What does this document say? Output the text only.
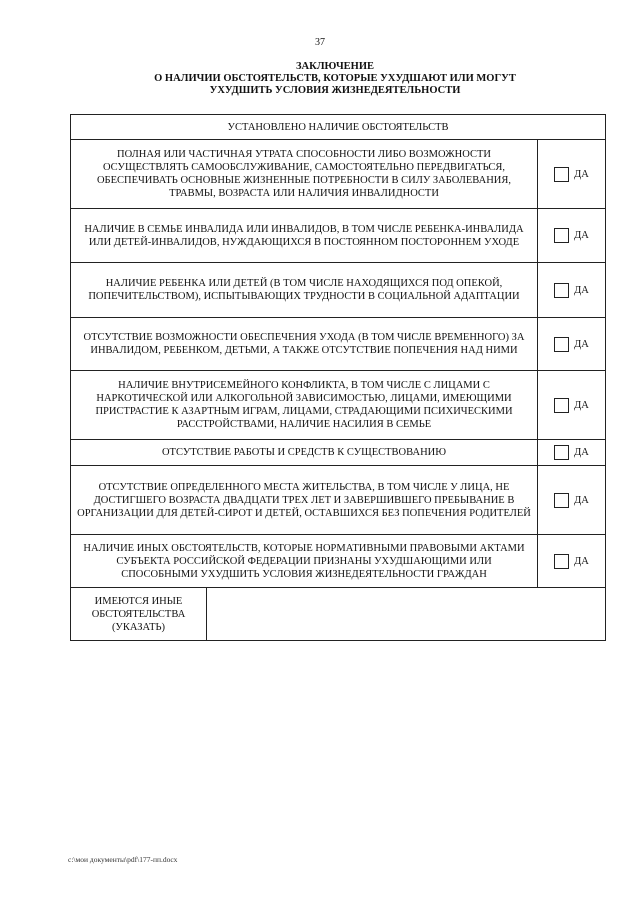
37
ЗАКЛЮЧЕНИЕ
О НАЛИЧИИ ОБСТОЯТЕЛЬСТВ, КОТОРЫЕ УХУДШАЮТ ИЛИ МОГУТ
УХУДШИТЬ УСЛОВИЯ ЖИЗНЕДЕЯТЕЛЬНОСТИ
УСТАНОВЛЕНО НАЛИЧИЕ ОБСТОЯТЕЛЬСТВ		
ПОЛНАЯ ИЛИ ЧАСТИЧНАЯ УТРАТА СПОСОБНОСТИ ЛИБО ВОЗМОЖНОСТИ ОСУЩЕСТВЛЯТЬ САМООБСЛУЖИВАНИЕ, САМОСТОЯТЕЛЬНО ПЕРЕДВИГАТЬСЯ, ОБЕСПЕЧИВАТЬ ОСНОВНЫЕ ЖИЗНЕННЫЕ ПОТРЕБНОСТИ В СИЛУ ЗАБОЛЕВАНИЯ, ТРАВМЫ, ВОЗРАСТА ИЛИ НАЛИЧИЯ ИНВАЛИДНОСТИ		ДА

НАЛИЧИЕ В СЕМЬЕ ИНВАЛИДА ИЛИ ИНВАЛИДОВ, В ТОМ ЧИСЛЕ РЕБЕНКА-ИНВАЛИДА ИЛИ ДЕТЕЙ-ИНВАЛИДОВ, НУЖДАЮЩИХСЯ В ПОСТОЯННОМ ПОСТОРОННЕМ УХОДЕ		ДА

НАЛИЧИЕ РЕБЕНКА ИЛИ ДЕТЕЙ (В ТОМ ЧИСЛЕ НАХОДЯЩИХСЯ ПОД ОПЕКОЙ, ПОПЕЧИТЕЛЬСТВОМ), ИСПЫТЫВАЮЩИХ ТРУДНОСТИ В СОЦИАЛЬНОЙ АДАПТАЦИИ		ДА

ОТСУТСТВИЕ ВОЗМОЖНОСТИ ОБЕСПЕЧЕНИЯ УХОДА (В ТОМ ЧИСЛЕ ВРЕМЕННОГО) ЗА ИНВАЛИДОМ, РЕБЕНКОМ, ДЕТЬМИ, А ТАКЖЕ ОТСУТСТВИЕ ПОПЕЧЕНИЯ НАД НИМИ		ДА

НАЛИЧИЕ ВНУТРИСЕМЕЙНОГО КОНФЛИКТА, В ТОМ ЧИСЛЕ С ЛИЦАМИ С НАРКОТИЧЕСКОЙ ИЛИ АЛКОГОЛЬНОЙ ЗАВИСИМОСТЬЮ, ЛИЦАМИ, ИМЕЮЩИМИ ПРИСТРАСТИЕ К АЗАРТНЫМ ИГРАМ, ЛИЦАМИ, СТРАДАЮЩИМИ ПСИХИЧЕСКИМИ РАССТРОЙСТВАМИ, НАЛИЧИЕ НАСИЛИЯ В СЕМЬЕ		ДА

ОТСУТСТВИЕ РАБОТЫ И СРЕДСТВ К СУЩЕСТВОВАНИЮ		ДА

ОТСУТСТВИЕ ОПРЕДЕЛЕННОГО МЕСТА ЖИТЕЛЬСТВА, В ТОМ ЧИСЛЕ У ЛИЦА, НЕ ДОСТИГШЕГО ВОЗРАСТА ДВАДЦАТИ ТРЕХ ЛЕТ И ЗАВЕРШИВШЕГО ПРЕБЫВАНИЕ В ОРГАНИЗАЦИИ ДЛЯ ДЕТЕЙ-СИРОТ И ДЕТЕЙ, ОСТАВШИХСЯ БЕЗ ПОПЕЧЕНИЯ РОДИТЕЛЕЙ		ДА

НАЛИЧИЕ ИНЫХ ОБСТОЯТЕЛЬСТВ, КОТОРЫЕ НОРМАТИВНЫМИ ПРАВОВЫМИ АКТАМИ СУБЪЕКТА РОССИЙСКОЙ ФЕДЕРАЦИИ ПРИЗНАНЫ УХУДШАЮЩИМИ ИЛИ СПОСОБНЫМИ УХУДШИТЬ УСЛОВИЯ ЖИЗНЕДЕЯТЕЛЬНОСТИ ГРАЖДАН		ДА

ИМЕЮТСЯ ИНЫЕ
ОБСТОЯТЕЛЬСТВА
(УКАЗАТЬ)		

c:\мои документы\pdf\177-пп.docx
